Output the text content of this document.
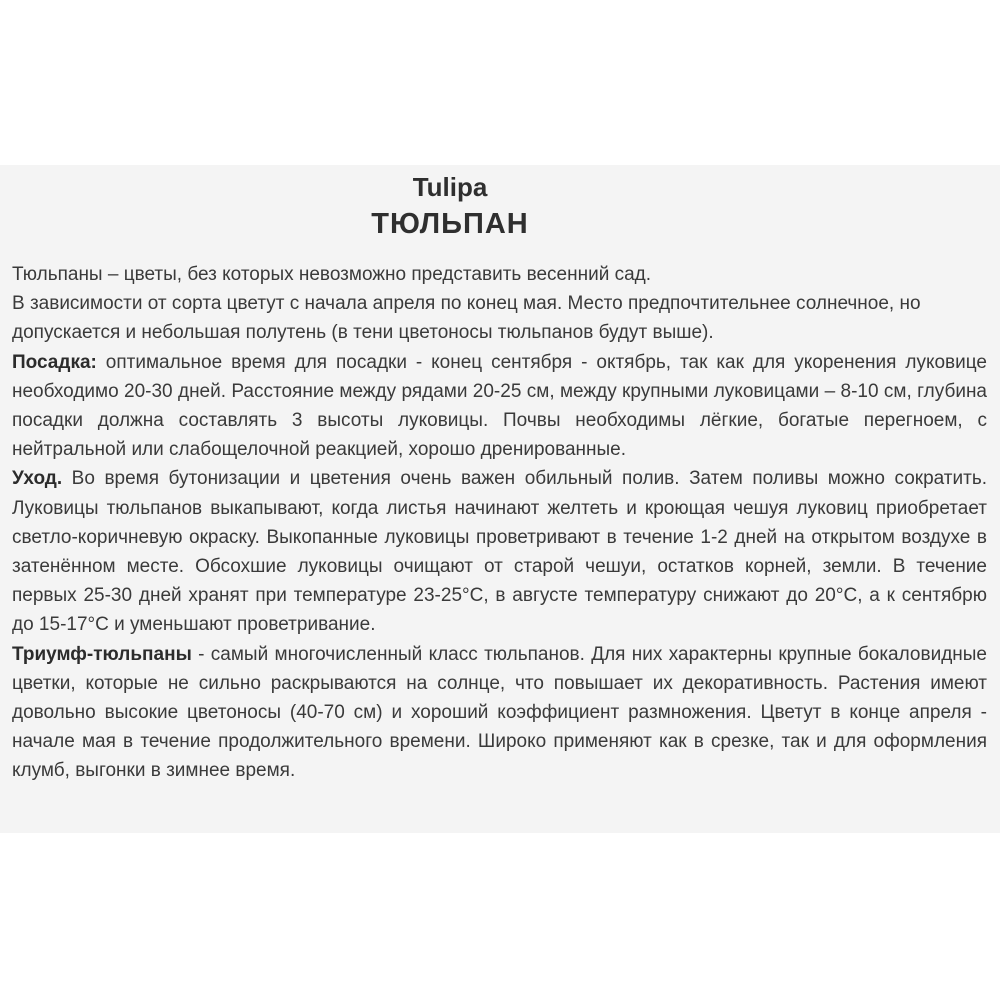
Tulipa
ТЮЛЬПАН

Тюльпаны – цветы, без которых невозможно представить весенний сад.

В зависимости от сорта цветут с начала апреля по конец мая. Место предпочтительнее солнечное, но допускается и небольшая полутень (в тени цветоносы тюльпанов будут выше).

Посадка: оптимальное время для посадки - конец сентября - октябрь, так как для укоренения луковице необходимо 20-30 дней. Расстояние между рядами 20-25 см, между крупными луковицами – 8-10 см, глубина посадки должна составлять 3 высоты луковицы. Почвы необходимы лёгкие, богатые перегноем, с нейтральной или слабощелочной реакцией, хорошо дренированные.

Уход. Во время бутонизации и цветения очень важен обильный полив. Затем поливы можно сократить. Луковицы тюльпанов выкапывают, когда листья начинают желтеть и кроющая чешуя луковиц приобретает светло-коричневую окраску. Выкопанные луковицы проветривают в течение 1-2 дней на открытом воздухе в затенённом месте. Обсохшие луковицы очищают от старой чешуи, остатков корней, земли. В течение первых 25-30 дней хранят при температуре 23-25°С, в августе температуру снижают до 20°С, а к сентябрю до 15-17°С и уменьшают проветривание.

Триумф-тюльпаны - самый многочисленный класс тюльпанов. Для них характерны крупные бокаловидные цветки, которые не сильно раскрываются на солнце, что повышает их декоративность. Растения имеют довольно высокие цветоносы (40-70 см) и хороший коэффициент размножения. Цветут в конце апреля - начале мая в течение продолжительного времени. Широко применяют как в срезке, так и для оформления клумб, выгонки в зимнее время.
